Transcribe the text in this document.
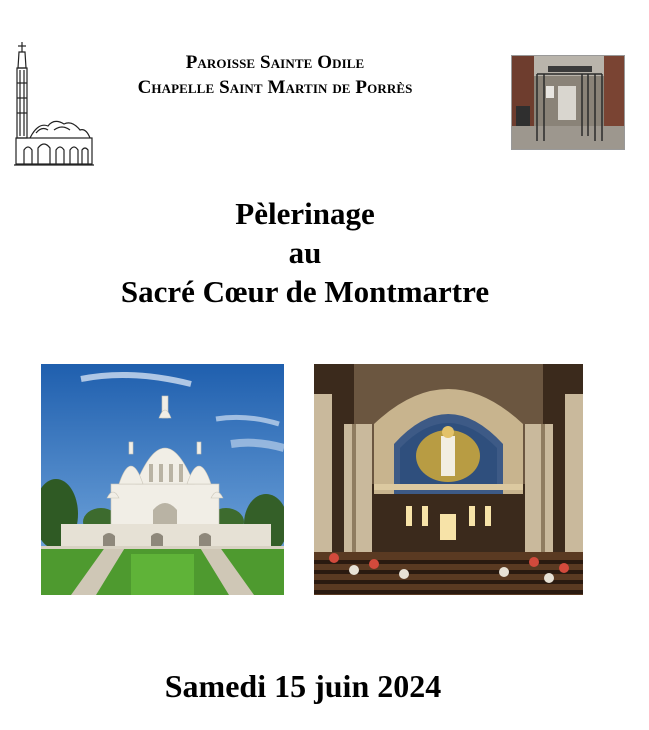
Paroisse Sainte Odile
Chapelle Saint Martin de Porrès
Pèlerinage
au
Sacré Cœur de Montmartre
Samedi 15 juin 2024
